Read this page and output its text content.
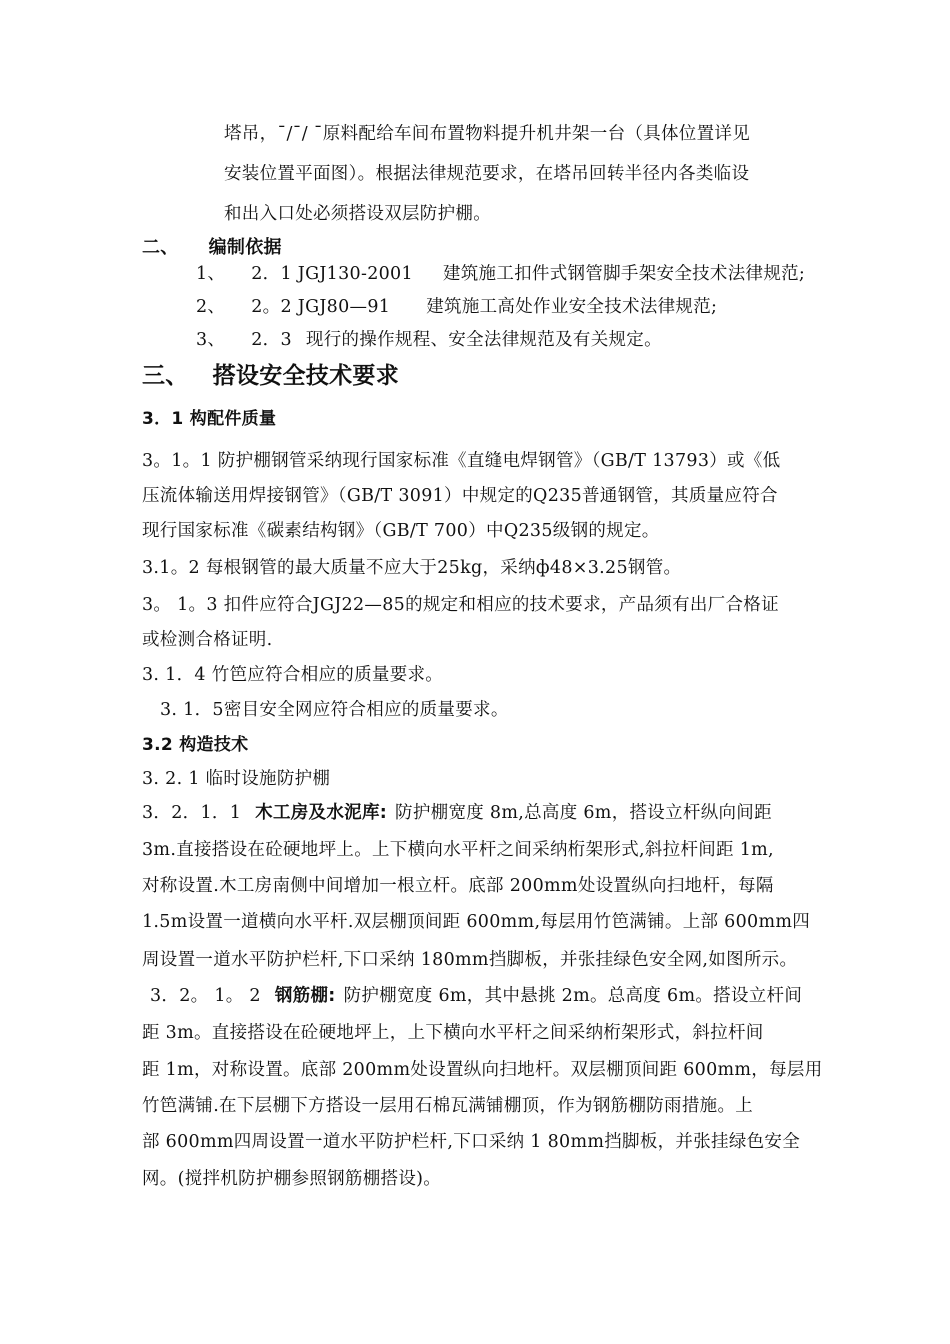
塔吊，¯/¯/ ¯原料配给车间布置物料提升机井架一台（具体位置详见
安装位置平面图）。根据法律规范要求，在塔吊回转半径内各类临设
和出入口处必须搭设双层防护棚。
二、 编制依据
1、 2．1 JGJ130-2001 建筑施工扣件式钢管脚手架安全技术法律规范;
2、 2。2 JGJ80—91 建筑施工高处作业安全技术法律规范;
3、 2．3 现行的操作规程、安全法律规范及有关规定。
三、 搭设安全技术要求
3．1 构配件质量
3。1。1 防护棚钢管采纳现行国家标准《直缝电焊钢管》（GB/T 13793）或《低
压流体输送用焊接钢管》（GB/T 3091）中规定的Q235普通钢管，其质量应符合
现行国家标准《碳素结构钢》（GB/T 700）中Q235级钢的规定。
3.1。2 每根钢管的最大质量不应大于25kg，采纳ф48×3.25钢管。
3。 1。3 扣件应符合JGJ22—85的规定和相应的技术要求，产品须有出厂合格证
或检测合格证明.
3. 1．4 竹笆应符合相应的质量要求。
3. 1．5密目安全网应符合相应的质量要求。
3.2 构造技术
3. 2. 1 临时设施防护棚
3．2．1．1 木工房及水泥库: 防护棚宽度 8m,总高度 6m，搭设立杆纵向间距
3m.直接搭设在砼硬地坪上。上下横向水平杆之间采纳桁架形式,斜拉杆间距 1m,
对称设置.木工房南侧中间增加一根立杆。底部 200mm处设置纵向扫地杆，每隔
1.5m设置一道横向水平杆.双层棚顶间距 600mm,每层用竹笆满铺。上部 600mm四
周设置一道水平防护栏杆,下口采纳 180mm挡脚板，并张挂绿色安全网,如图所示。
3．2。 1。 2 钢筋棚: 防护棚宽度 6m，其中悬挑 2m。总高度 6m。搭设立杆间
距 3m。直接搭设在砼硬地坪上，上下横向水平杆之间采纳桁架形式，斜拉杆间
距 1m，对称设置。底部 200mm处设置纵向扫地杆。双层棚顶间距 600mm，每层用
竹笆满铺.在下层棚下方搭设一层用石棉瓦满铺棚顶，作为钢筋棚防雨措施。上
部 600mm四周设置一道水平防护栏杆,下口采纳 1 80mm挡脚板，并张挂绿色安全
网。(搅拌机防护棚参照钢筋棚搭设)。
